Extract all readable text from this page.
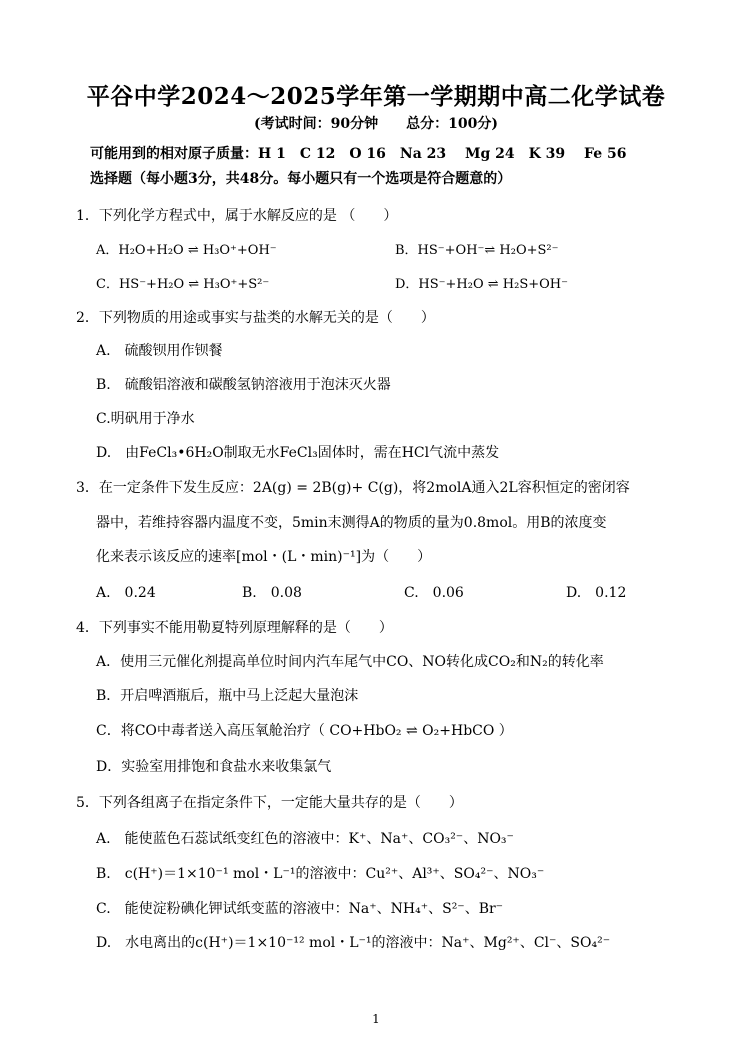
平谷中学2024～2025学年第一学期期中高二化学试卷
(考试时间：90分钟　　总分：100分)
可能用到的相对原子质量：H 1　C 12　O 16　Na 23　 Mg 24　K 39　 Fe 56
选择题（每小题3分，共48分。每小题只有一个选项是符合题意的）
1．下列化学方程式中，属于水解反应的是 （　　）
A．H₂O+H₂O ⇌ H₃O⁺+OH⁻	B．HS⁻+OH⁻⇌ H₂O+S²⁻
C．HS⁻+H₂O ⇌ H₃O⁺+S²⁻	D．HS⁻+H₂O ⇌ H₂S+OH⁻
2．下列物质的用途或事实与盐类的水解无关的是（　　）
A.　硫酸钡用作钡餐
B.　硫酸铝溶液和碳酸氢钠溶液用于泡沫灭火器
C.明矾用于净水
D.　由FeCl₃•6H₂O制取无水FeCl₃固体时，需在HCl气流中蒸发
3．在一定条件下发生反应：2A(g) = 2B(g)+ C(g)，将2molA通入2L容积恒定的密闭容
器中，若维持容器内温度不变，5min末测得A的物质的量为0.8mol。用B的浓度变
化来表示该反应的速率[mol・(L・min)⁻¹]为（　　）
A.　0.24	B.　0.08	C.　0.06	D.　0.12
4．下列事实不能用勒夏特列原理解释的是（　　）
A．使用三元催化剂提高单位时间内汽车尾气中CO、NO转化成CO₂和N₂的转化率
B．开启啤酒瓶后，瓶中马上泛起大量泡沫
C．将CO中毒者送入高压氧舱治疗（ CO+HbO₂ ⇌ O₂+HbCO ）
D．实验室用排饱和食盐水来收集氯气
5．下列各组离子在指定条件下，一定能大量共存的是（　　）
A.　能使蓝色石蕊试纸变红色的溶液中：K⁺、Na⁺、CO₃²⁻、NO₃⁻
B.　c(H⁺)＝1×10⁻¹ mol・L⁻¹的溶液中：Cu²⁺、Al³⁺、SO₄²⁻、NO₃⁻
C.　能使淀粉碘化钾试纸变蓝的溶液中：Na⁺、NH₄⁺、S²⁻、Br⁻
D.　水电离出的c(H⁺)＝1×10⁻¹² mol・L⁻¹的溶液中：Na⁺、Mg²⁺、Cl⁻、SO₄²⁻
1
